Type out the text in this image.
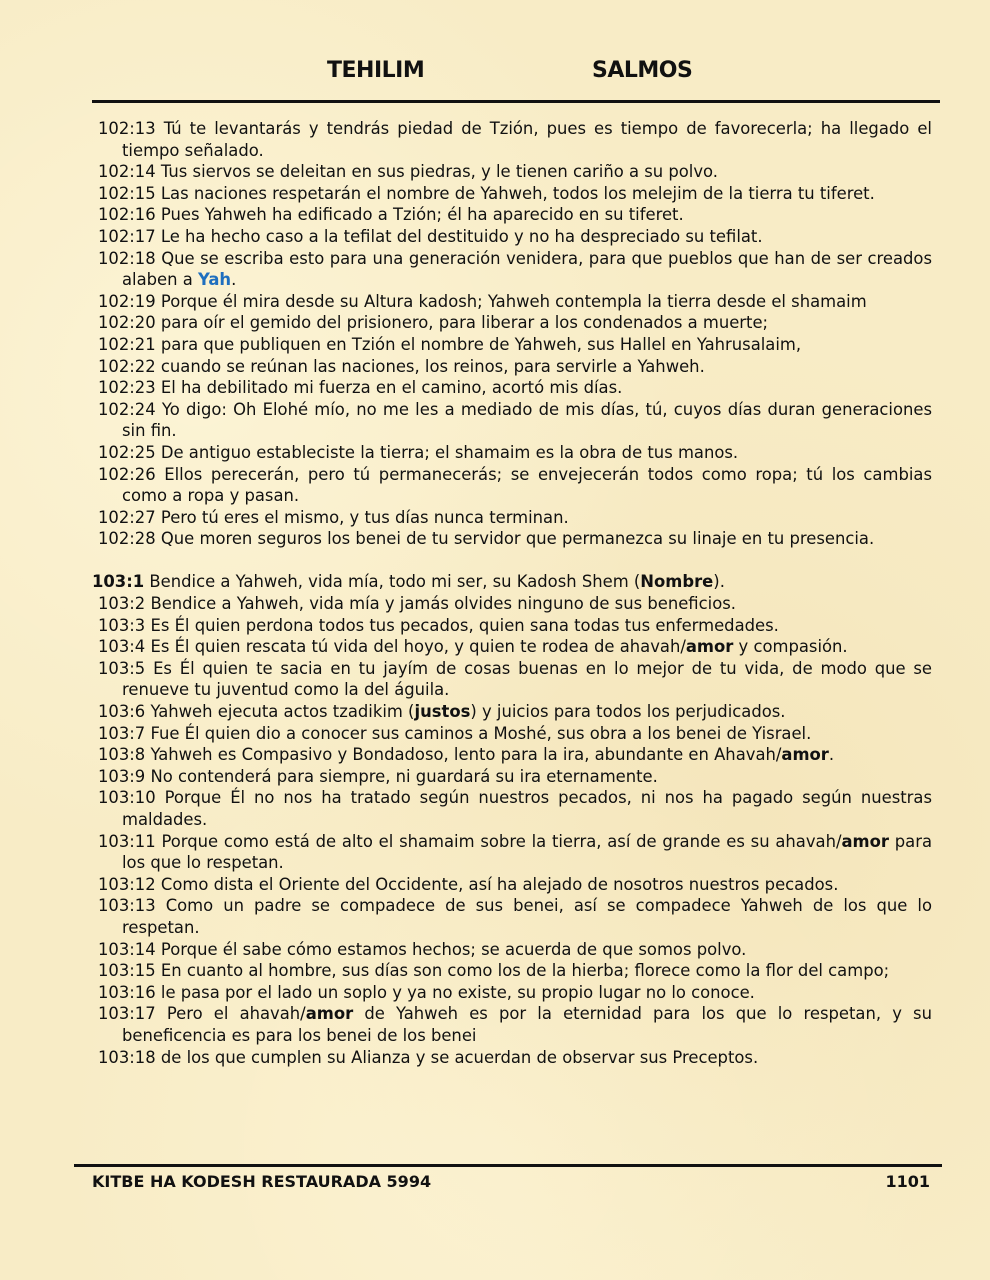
TEHILIM	SALMOS
102:13 Tú te levantarás y tendrás piedad de Tzión, pues es tiempo de favorecerla; ha llegado el tiempo señalado.
102:14 Tus siervos se deleitan en sus piedras, y le tienen cariño a su polvo.
102:15 Las naciones respetarán el nombre de Yahweh, todos los melejim de la tierra tu tiferet.
102:16 Pues Yahweh ha edificado a Tzión; él ha aparecido en su tiferet.
102:17 Le ha hecho caso a la tefilat del destituido y no ha despreciado su tefilat.
102:18 Que se escriba esto para una generación venidera, para que pueblos que han de ser creados alaben a Yah.
102:19 Porque él mira desde su Altura kadosh; Yahweh contempla la tierra desde el shamaim
102:20 para oír el gemido del prisionero, para liberar a los condenados a muerte;
102:21 para que publiquen en Tzión el nombre de Yahweh, sus Hallel en Yahrusalaim,
102:22 cuando se reúnan las naciones, los reinos, para servirle a Yahweh.
102:23 El ha debilitado mi fuerza en el camino, acortó mis días.
102:24 Yo digo: Oh Elohé mío, no me les a mediado de mis días, tú, cuyos días duran generaciones sin fin.
102:25 De antiguo estableciste la tierra; el shamaim es la obra de tus manos.
102:26 Ellos perecerán, pero tú permanecerás; se envejecerán todos como ropa; tú los cambias como a ropa y pasan.
102:27 Pero tú eres el mismo, y tus días nunca terminan.
102:28 Que moren seguros los benei de tu servidor que permanezca su linaje en tu presencia.
103:1 Bendice a Yahweh, vida mía, todo mi ser, su Kadosh Shem (Nombre).
103:2 Bendice a Yahweh, vida mía y jamás olvides ninguno de sus beneficios.
103:3 Es Él quien perdona todos tus pecados, quien sana todas tus enfermedades.
103:4 Es Él quien rescata tú vida del hoyo, y quien te rodea de ahavah/amor y compasión.
103:5 Es Él quien te sacia en tu jayím de cosas buenas en lo mejor de tu vida, de modo que se renueve tu juventud como la del águila.
103:6 Yahweh ejecuta actos tzadikim (justos) y juicios para todos los perjudicados.
103:7 Fue Él quien dio a conocer sus caminos a Moshé, sus obra a los benei de Yisrael.
103:8 Yahweh es Compasivo y Bondadoso, lento para la ira, abundante en Ahavah/amor.
103:9 No contenderá para siempre, ni guardará su ira eternamente.
103:10 Porque Él no nos ha tratado según nuestros pecados, ni nos ha pagado según nuestras maldades.
103:11 Porque como está de alto el shamaim sobre la tierra, así de grande es su ahavah/amor para los que lo respetan.
103:12 Como dista el Oriente del Occidente, así ha alejado de nosotros nuestros pecados.
103:13 Como un padre se compadece de sus benei, así se compadece Yahweh de los que lo respetan.
103:14 Porque él sabe cómo estamos hechos; se acuerda de que somos polvo.
103:15 En cuanto al hombre, sus días son como los de la hierba; florece como la flor del campo;
103:16 le pasa por el lado un soplo y ya no existe, su propio lugar no lo conoce.
103:17 Pero el ahavah/amor de Yahweh es por la eternidad para los que lo respetan, y su beneficencia es para los benei de los benei
103:18 de los que cumplen su Alianza y se acuerdan de observar sus Preceptos.
KITBE HA KODESH RESTAURADA 5994	1101
